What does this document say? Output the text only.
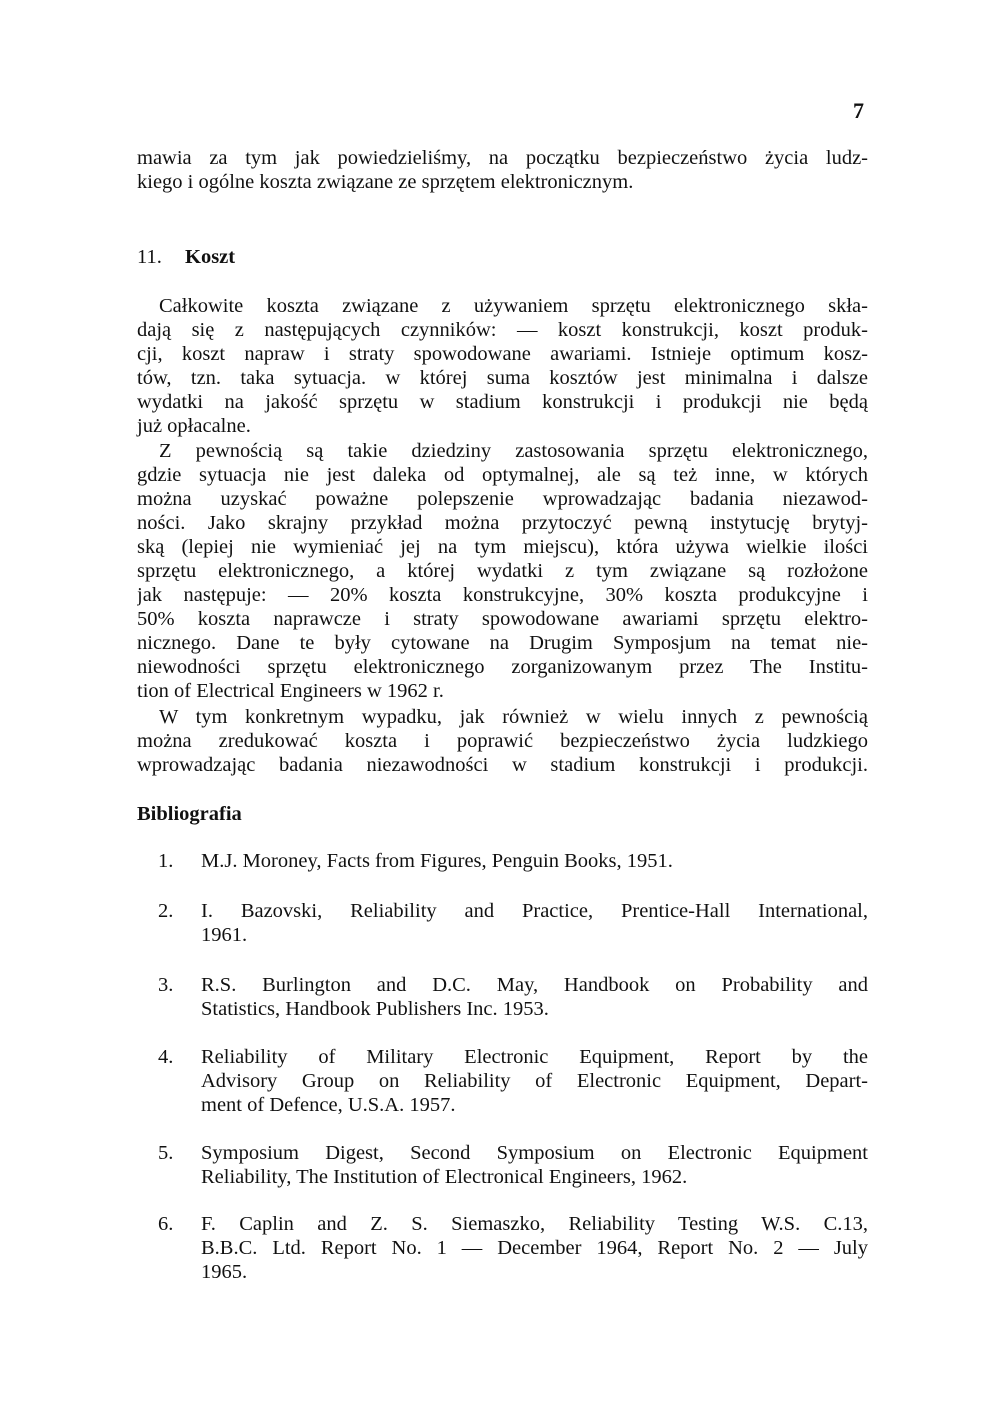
7
mawia za tym jak powiedzieliśmy, na początku bezpieczeństwo życia ludz-
kiego i ogólne koszta związane ze sprzętem elektronicznym.
11. Koszt
Całkowite koszta związane z używaniem sprzętu elektronicznego skła-
dają się z następujących czynników: — koszt konstrukcji, koszt produk-
cji, koszt napraw i straty spowodowane awariami. Istnieje optimum kosz-
tów, tzn. taka sytuacja. w której suma kosztów jest minimalna i dalsze
wydatki na jakość sprzętu w stadium konstrukcji i produkcji nie będą
już opłacalne.
Z pewnością są takie dziedziny zastosowania sprzętu elektronicznego,
gdzie sytuacja nie jest daleka od optymalnej, ale są też inne, w których
można uzyskać poważne polepszenie wprowadzając badania niezawod-
ności. Jako skrajny przykład można przytoczyć pewną instytucję brytyj-
ską (lepiej nie wymieniać jej na tym miejscu), która używa wielkie ilości
sprzętu elektronicznego, a której wydatki z tym związane są rozłożone
jak następuje: — 20% koszta konstrukcyjne, 30% koszta produkcyjne i
50% koszta naprawcze i straty spowodowane awariami sprzętu elektro-
nicznego. Dane te były cytowane na Drugim Symposjum na temat nie-
niewodności sprzętu elektronicznego zorganizowanym przez The Institu-
tion of Electrical Engineers w 1962 r.
W tym konkretnym wypadku, jak również w wielu innych z pewnością
można zredukować koszta i poprawić bezpieczeństwo życia ludzkiego
wprowadzając badania niezawodności w stadium konstrukcji i produkcji.
Bibliografia
1. M.J. Moroney, Facts from Figures, Penguin Books, 1951.
2. I. Bazovski, Reliability and Practice, Prentice-Hall International,
1961.
3. R.S. Burlington and D.C. May, Handbook on Probability and
Statistics, Handbook Publishers Inc. 1953.
4. Reliability of Military Electronic Equipment, Report by the
Advisory Group on Reliability of Electronic Equipment, Depart-
ment of Defence, U.S.A. 1957.
5. Symposium Digest, Second Symposium on Electronic Equipment
Reliability, The Institution of Electronical Engineers, 1962.
6. F. Caplin and Z. S. Siemaszko, Reliability Testing W.S. C.13,
B.B.C. Ltd. Report No. 1 — December 1964, Report No. 2 — July
1965.
